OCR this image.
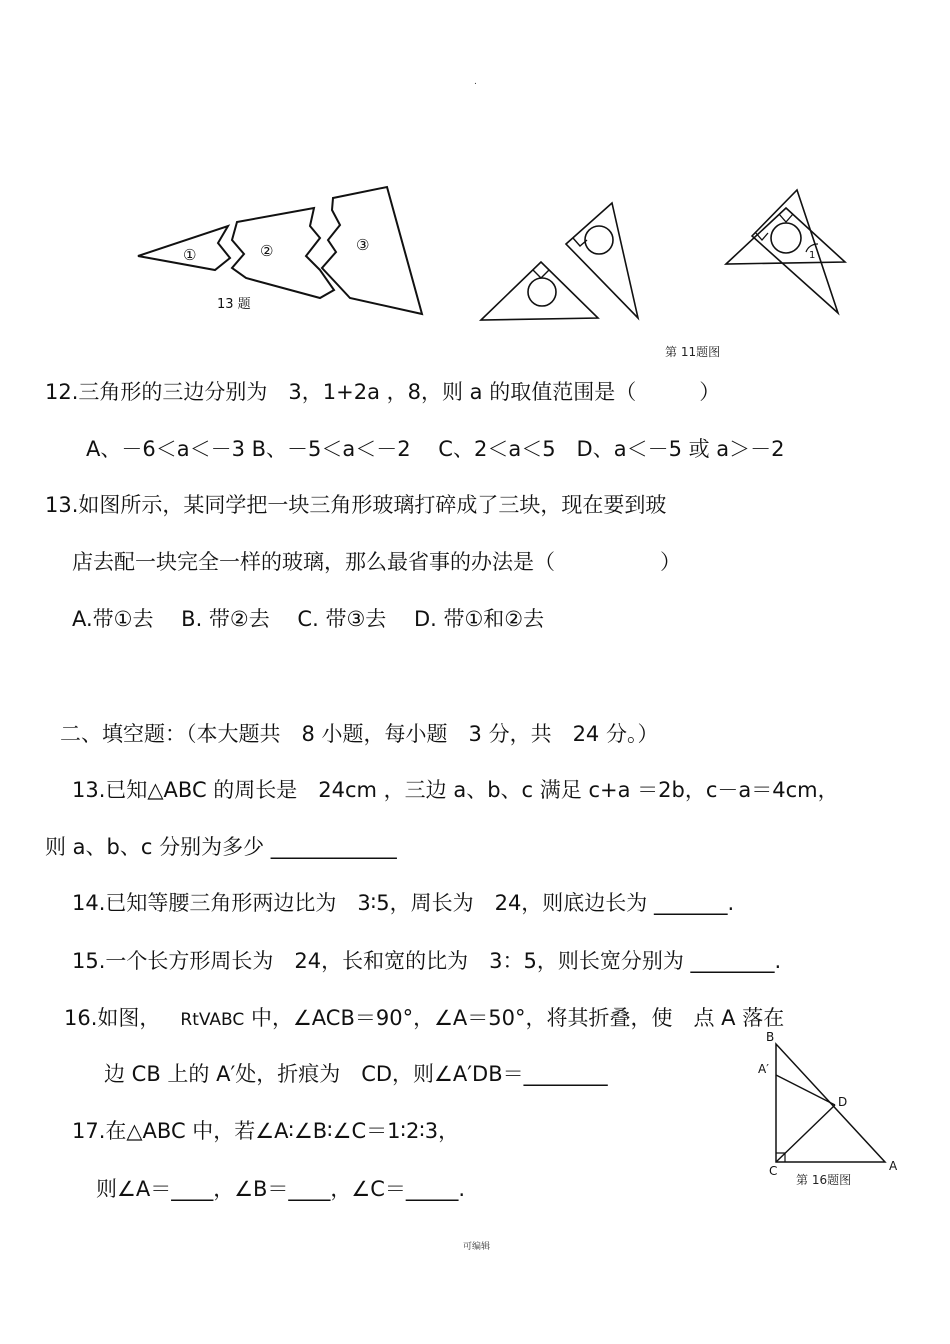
.
①	②	③
13 题
1
第 11题图
12.三角形的三边分别为　3，1+2a ，8，则 a 的取值范围是（　　　）
A、－6＜a＜－3 B、－5＜a＜－2　 C、2＜a＜5　D、a＜－5 或 a＞－2
13.如图所示，某同学把一块三角形玻璃打碎成了三块，现在要到玻
店去配一块完全一样的玻璃，那么最省事的办法是（　　　　　）
A.带①去　 B. 带②去　 C. 带③去　 D. 带①和②去
二、填空题：（本大题共　8 小题，每小题　3 分，共　24 分。）
13.已知△ABC 的周长是　24cm ，三边 a、b、c 满足 c+a ＝2b，c－a＝4cm，
则 a、b、c 分别为多少 ____________
14.已知等腰三角形两边比为　3∶5，周长为　24，则底边长为 _______.
15.一个长方形周长为　24，长和宽的比为　3：5，则长宽分别为 ________.
16.如图， RtVABC 中，∠ACB＝90°，∠A＝50°，将其折叠，使　点 A 落在
边 CB 上的 A′处，折痕为　CD，则∠A′DB＝________
B
A′
D
C	A
第 16题图
17.在△ABC 中，若∠A∶∠B∶∠C＝1∶2∶3，
则∠A＝____，∠B＝____，∠C＝_____.
可编辑
